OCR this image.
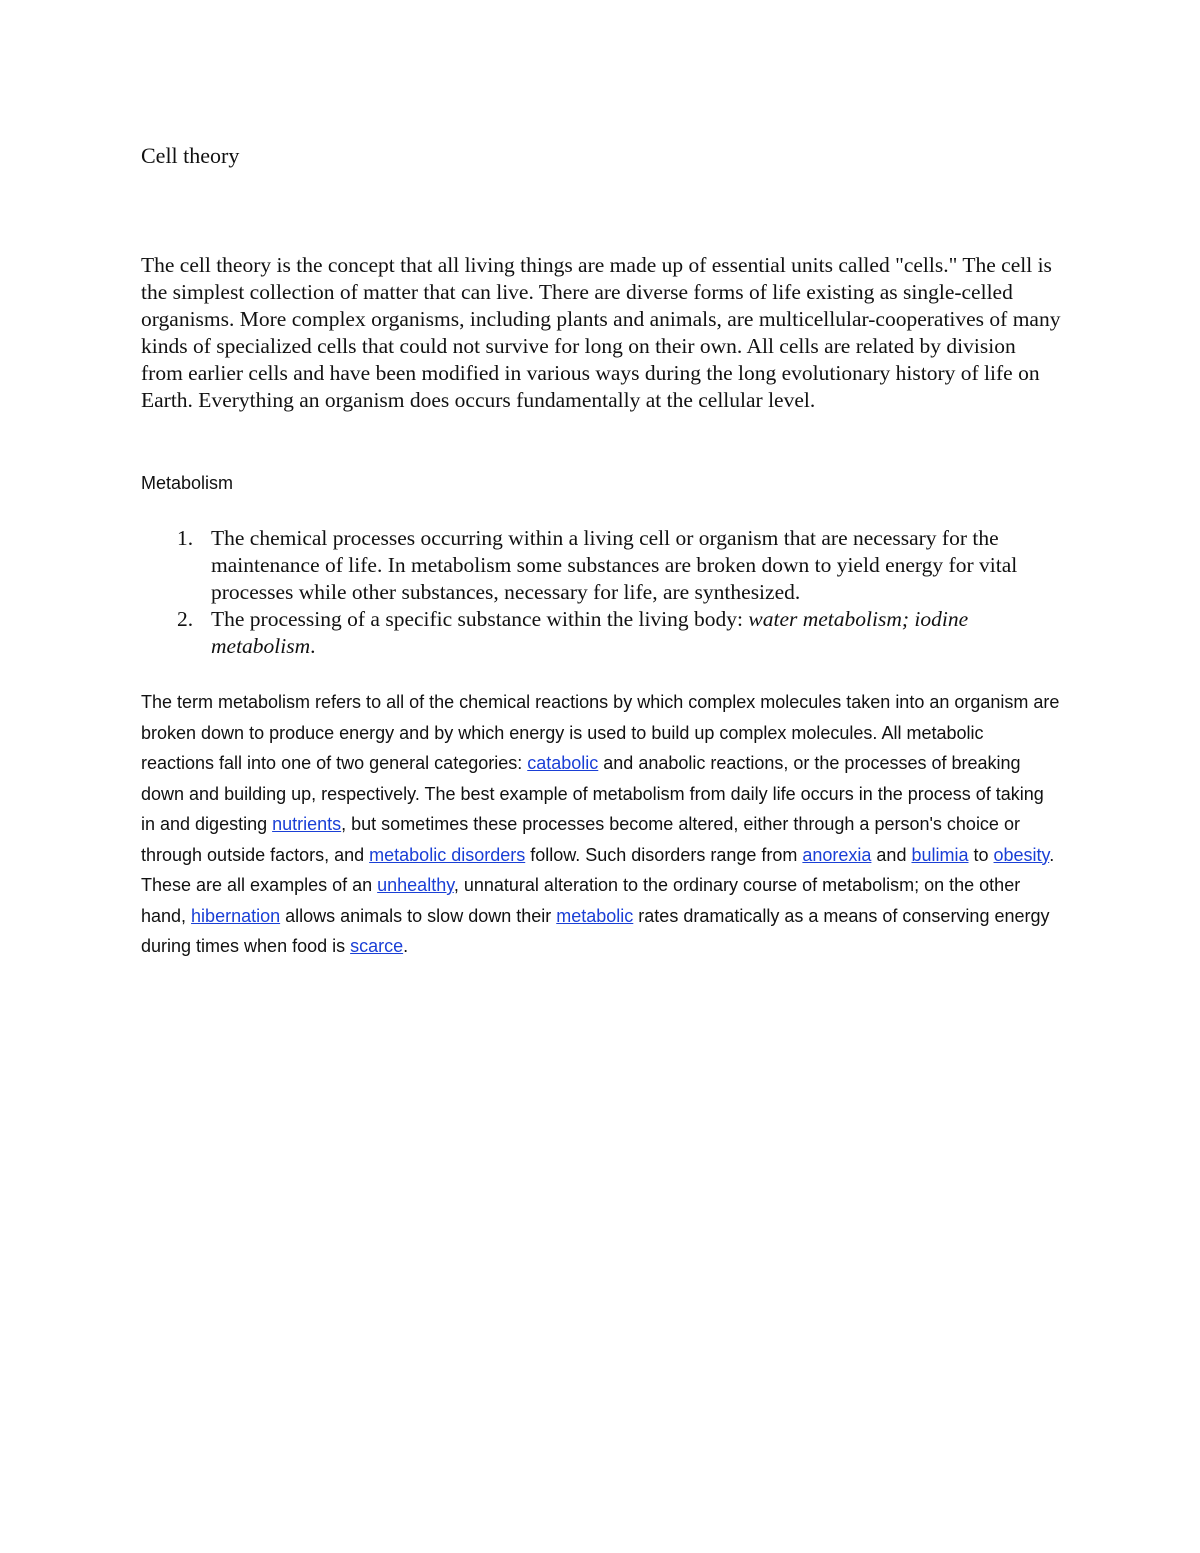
Cell theory

The cell theory is the concept that all living things are made up of essential units called "cells." The cell is the simplest collection of matter that can live. There are diverse forms of life existing as single-celled organisms. More complex organisms, including plants and animals, are multicellular-cooperatives of many kinds of specialized cells that could not survive for long on their own. All cells are related by division from earlier cells and have been modified in various ways during the long evolutionary history of life on Earth. Everything an organism does occurs fundamentally at the cellular level.

Metabolism
1. The chemical processes occurring within a living cell or organism that are necessary for the maintenance of life. In metabolism some substances are broken down to yield energy for vital processes while other substances, necessary for life, are synthesized.
2. The processing of a specific substance within the living body: water metabolism; iodine metabolism.

The term metabolism refers to all of the chemical reactions by which complex molecules taken into an organism are broken down to produce energy and by which energy is used to build up complex molecules. All metabolic reactions fall into one of two general categories: catabolic and anabolic reactions, or the processes of breaking down and building up, respectively. The best example of metabolism from daily life occurs in the process of taking in and digesting nutrients, but sometimes these processes become altered, either through a person's choice or through outside factors, and metabolic disorders follow. Such disorders range from anorexia and bulimia to obesity. These are all examples of an unhealthy, unnatural alteration to the ordinary course of metabolism; on the other hand, hibernation allows animals to slow down their metabolic rates dramatically as a means of conserving energy during times when food is scarce.
